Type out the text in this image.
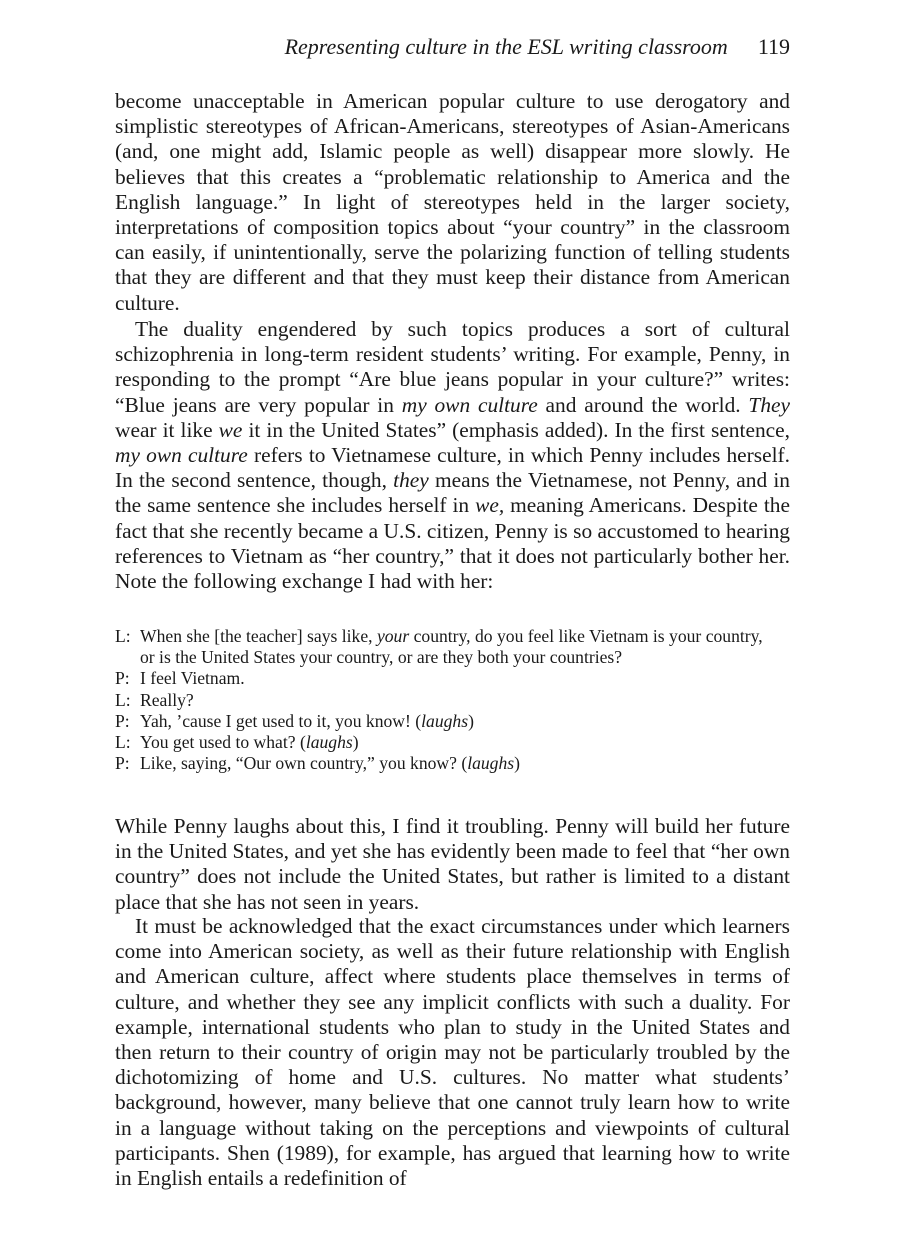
Representing culture in the ESL writing classroom 119

become unacceptable in American popular culture to use derogatory and simplistic stereotypes of African-Americans, stereotypes of Asian-Americans (and, one might add, Islamic people as well) disappear more slowly. He believes that this creates a “problematic relationship to America and the English language.” In light of stereotypes held in the larger society, interpretations of composition topics about “your country” in the classroom can easily, if unintentionally, serve the polarizing function of telling students that they are different and that they must keep their distance from American culture.

The duality engendered by such topics produces a sort of cultural schizophrenia in long-term resident students’ writing. For example, Penny, in responding to the prompt “Are blue jeans popular in your culture?” writes: “Blue jeans are very popular in my own culture and around the world. They wear it like we it in the United States” (emphasis added). In the first sentence, my own culture refers to Vietnamese culture, in which Penny includes herself. In the second sentence, though, they means the Vietnamese, not Penny, and in the same sentence she includes herself in we, meaning Americans. Despite the fact that she recently became a U.S. citizen, Penny is so accustomed to hearing references to Vietnam as “her country,” that it does not particularly bother her. Note the following exchange I had with her:

L: When she [the teacher] says like, your country, do you feel like Vietnam is your country, or is the United States your country, or are they both your countries?
P: I feel Vietnam.
L: Really?
P: Yah, ’cause I get used to it, you know! (laughs)
L: You get used to what? (laughs)
P: Like, saying, “Our own country,” you know? (laughs)

While Penny laughs about this, I find it troubling. Penny will build her future in the United States, and yet she has evidently been made to feel that “her own country” does not include the United States, but rather is limited to a distant place that she has not seen in years.

It must be acknowledged that the exact circumstances under which learners come into American society, as well as their future relationship with English and American culture, affect where students place themselves in terms of culture, and whether they see any implicit conflicts with such a duality. For example, international students who plan to study in the United States and then return to their country of origin may not be particularly troubled by the dichotomizing of home and U.S. cultures. No matter what students’ background, however, many believe that one cannot truly learn how to write in a language without taking on the perceptions and viewpoints of cultural participants. Shen (1989), for example, has argued that learning how to write in English entails a redefinition of
